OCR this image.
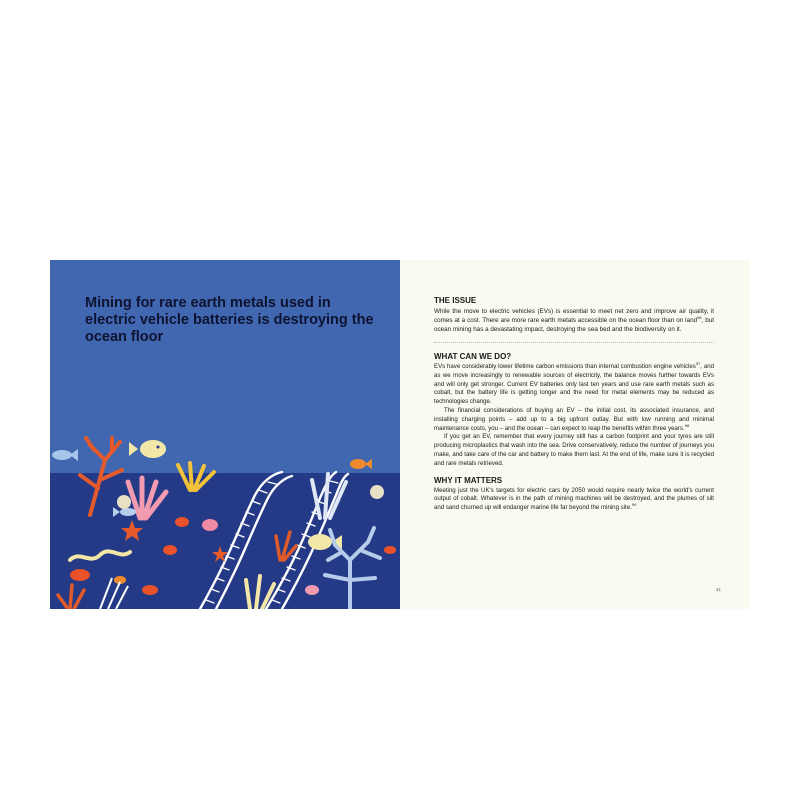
Mining for rare earth metals used in electric vehicle batteries is destroying the ocean floor
THE ISSUE

While the move to electric vehicles (EVs) is essential to meet net zero and improve air quality, it comes at a cost. There are more rare earth metals accessible on the ocean floor than on land$^{96}$, but ocean mining has a devastating impact, destroying the sea bed and the biodiversity on it.

WHAT CAN WE DO?

EVs have considerably lower lifetime carbon emissions than internal combustion engine vehicles$^{97}$, and as we move increasingly to renewable sources of electricity, the balance moves further towards EVs and will only get stronger. Current EV batteries only last ten years and use rare earth metals such as cobalt, but the battery life is getting longer and the need for metal elements may be reduced as technologies change.

The financial considerations of buying an EV – the initial cost, its associated insurance, and installing charging points – add up to a big upfront outlay. But with low running and minimal maintenance costs, you – and the ocean – can expect to reap the benefits within three years.$^{98}$

If you get an EV, remember that every journey still has a carbon footprint and your tyres are still producing microplastics that wash into the sea. Drive conservatively, reduce the number of journeys you make, and take care of the car and battery to make them last. At the end of life, make sure it is recycled and rare metals retrieved.

WHY IT MATTERS

Meeting just the UK's targets for electric cars by 2050 would require nearly twice the world's current output of cobalt. Whatever is in the path of mining machines will be destroyed, and the plumes of silt and sand churned up will endanger marine life far beyond the mining site.$^{99}$

41
